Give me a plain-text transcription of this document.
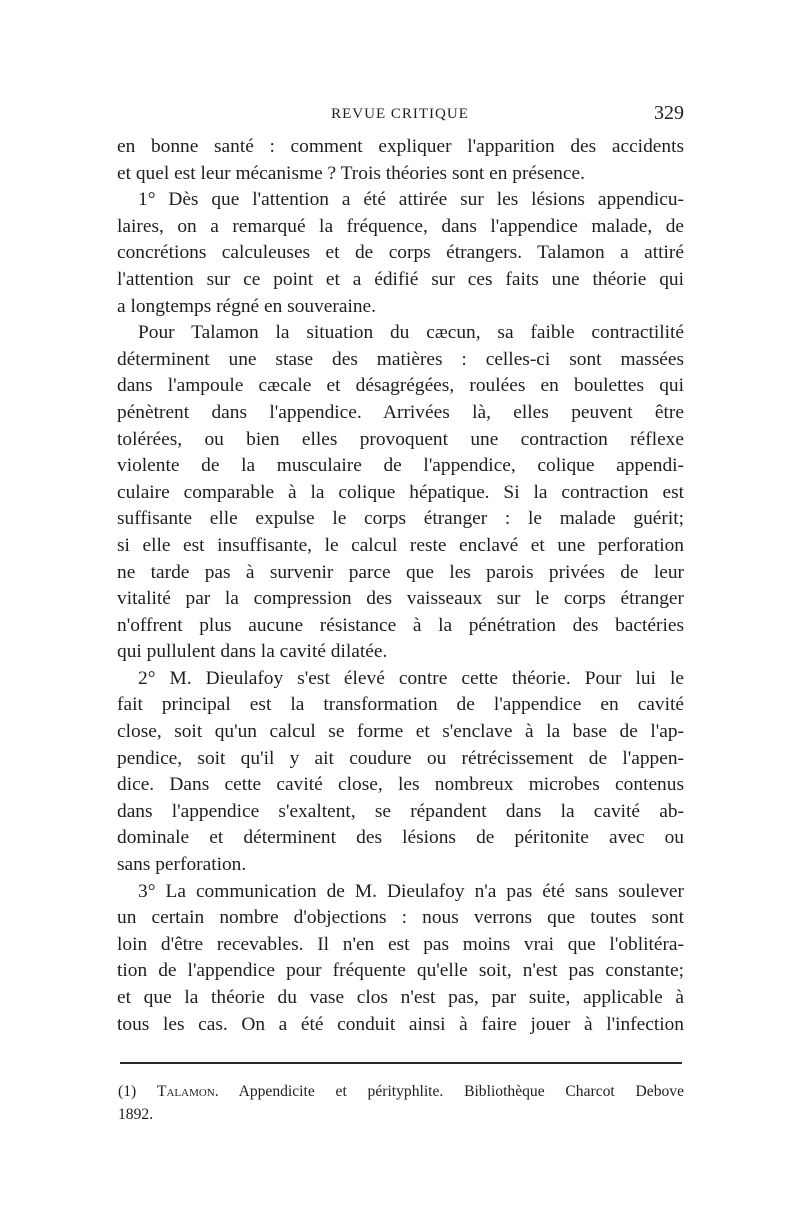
REVUE CRITIQUE	329
en bonne santé : comment expliquer l'apparition des accidents
et quel est leur mécanisme ? Trois théories sont en présence.
1° Dès que l'attention a été attirée sur les lésions appendicu-
laires, on a remarqué la fréquence, dans l'appendice malade, de
concrétions calculeuses et de corps étrangers. Talamon a attiré
l'attention sur ce point et a édifié sur ces faits une théorie qui
a longtemps régné en souveraine.
Pour Talamon la situation du cæcun, sa faible contractilité
déterminent une stase des matières : celles-ci sont massées
dans l'ampoule cæcale et désagrégées, roulées en boulettes qui
pénètrent dans l'appendice. Arrivées là, elles peuvent être
tolérées, ou bien elles provoquent une contraction réflexe
violente de la musculaire de l'appendice, colique appendi-
culaire comparable à la colique hépatique. Si la contraction est
suffisante elle expulse le corps étranger : le malade guérit;
si elle est insuffisante, le calcul reste enclavé et une perforation
ne tarde pas à survenir parce que les parois privées de leur
vitalité par la compression des vaisseaux sur le corps étranger
n'offrent plus aucune résistance à la pénétration des bactéries
qui pullulent dans la cavité dilatée.
2° M. Dieulafoy s'est élevé contre cette théorie. Pour lui le
fait principal est la transformation de l'appendice en cavité
close, soit qu'un calcul se forme et s'enclave à la base de l'ap-
pendice, soit qu'il y ait coudure ou rétrécissement de l'appen-
dice. Dans cette cavité close, les nombreux microbes contenus
dans l'appendice s'exaltent, se répandent dans la cavité ab-
dominale et déterminent des lésions de péritonite avec ou
sans perforation.
3° La communication de M. Dieulafoy n'a pas été sans soulever
un certain nombre d'objections : nous verrons que toutes sont
loin d'être recevables. Il n'en est pas moins vrai que l'oblitéra-
tion de l'appendice pour fréquente qu'elle soit, n'est pas constante;
et que la théorie du vase clos n'est pas, par suite, applicable à
tous les cas. On a été conduit ainsi à faire jouer à l'infection
(1) Talamon. Appendicite et pérityphlite. Bibliothèque Charcot Debove
1892.
